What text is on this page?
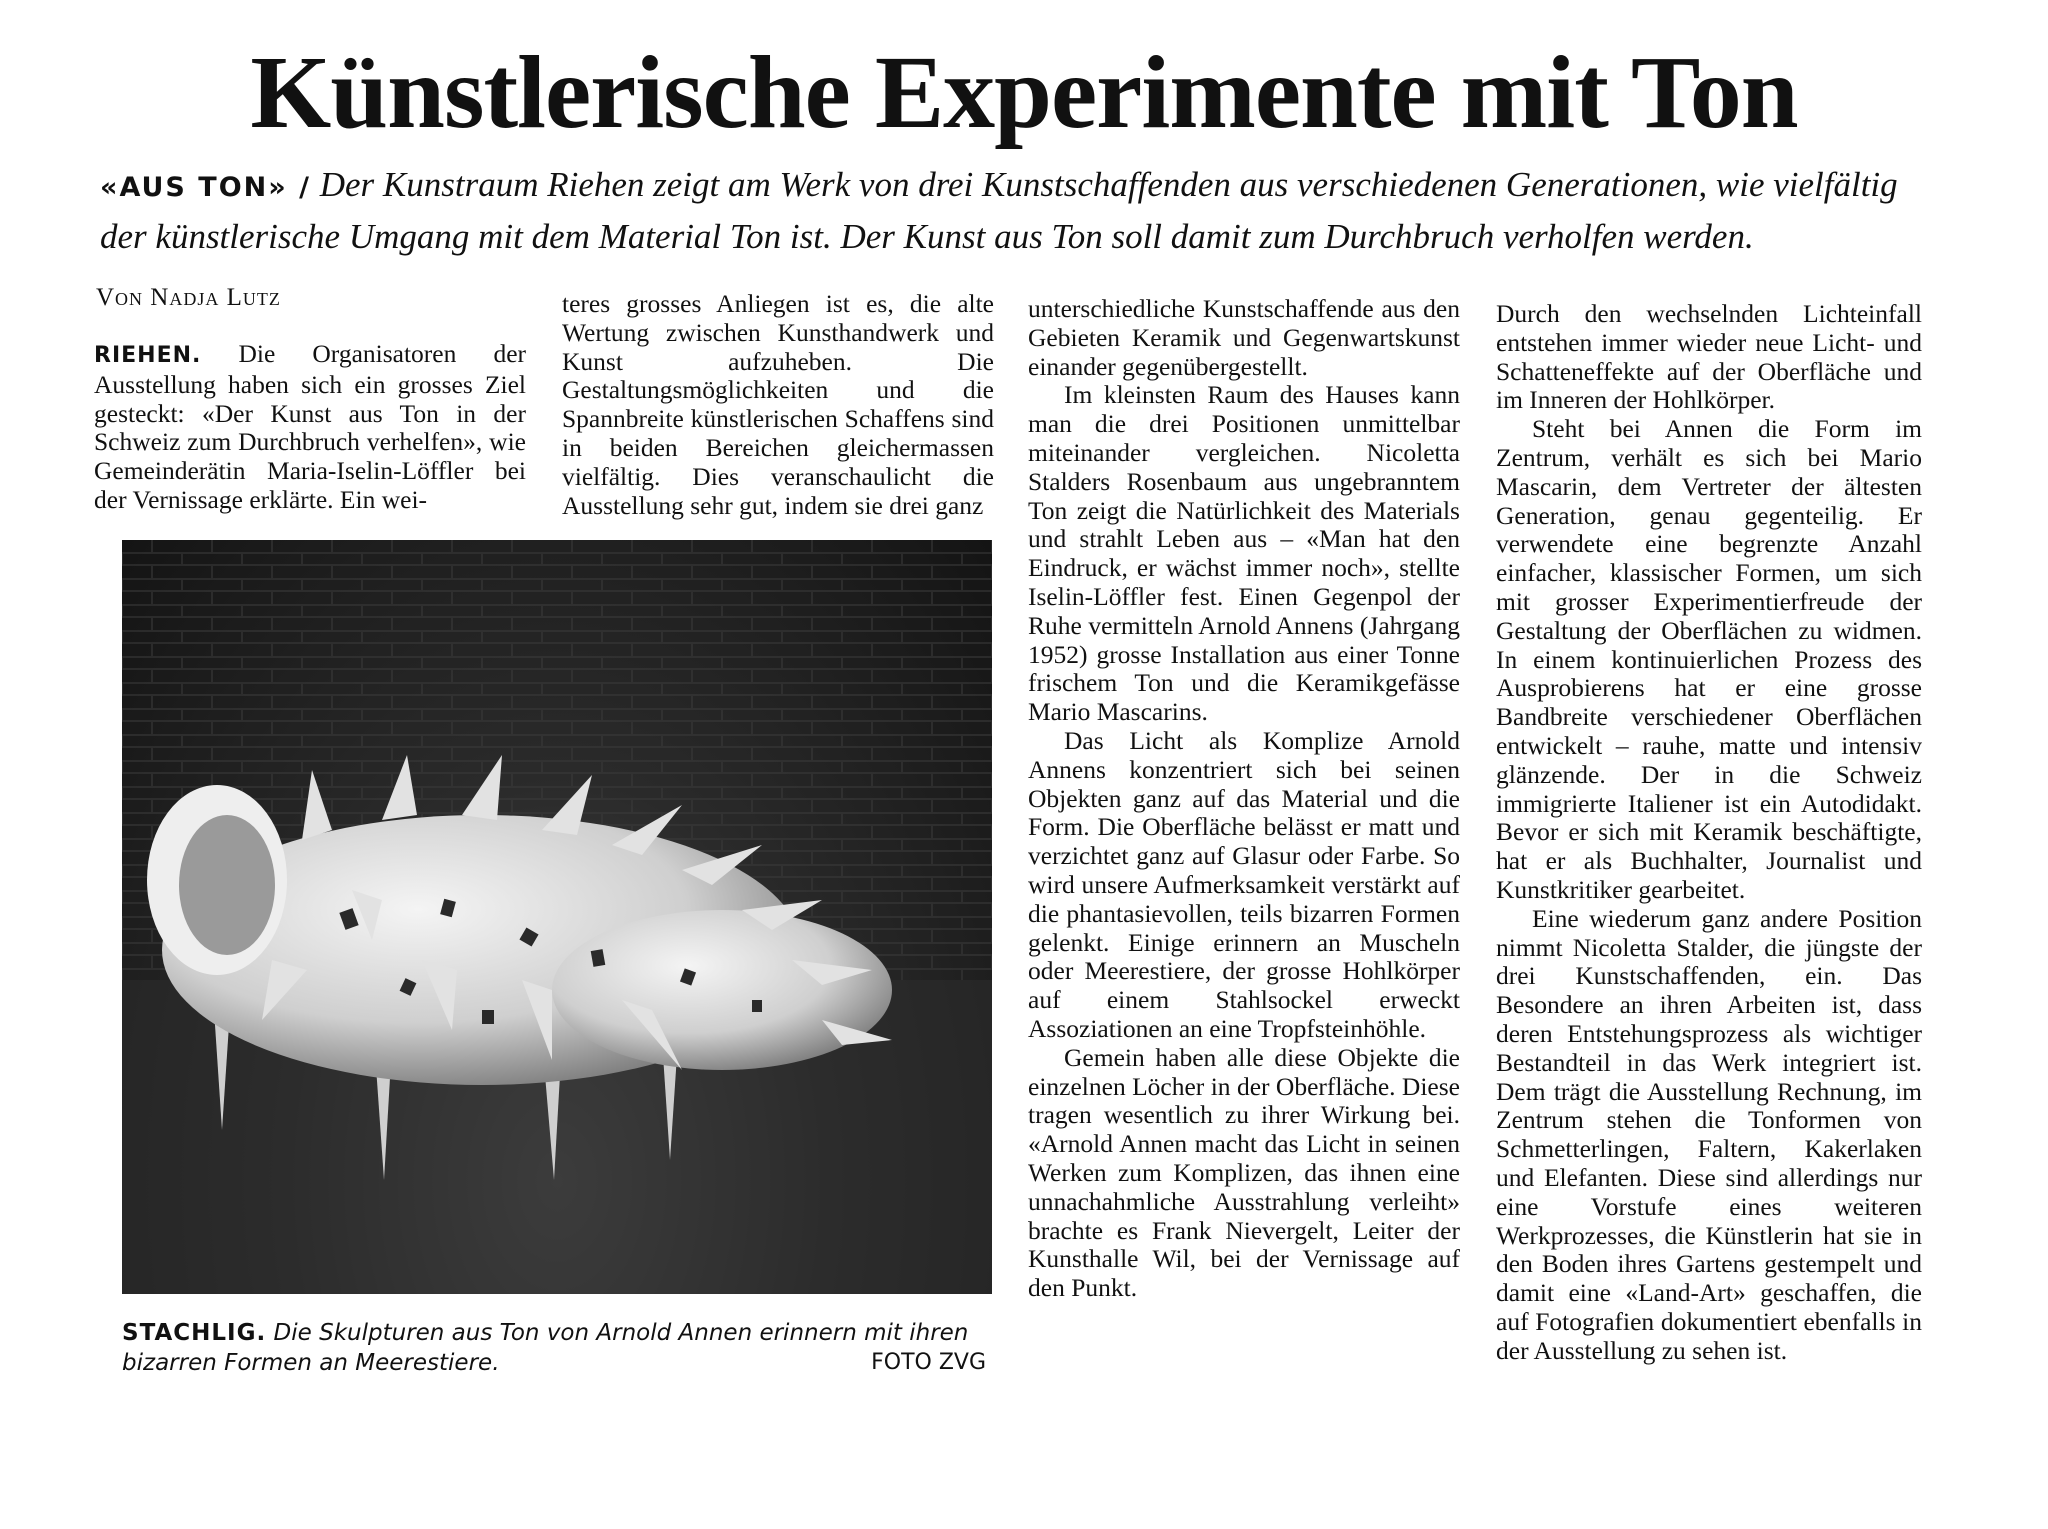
Künstlerische Experimente mit Ton

«AUS TON» / Der Kunstraum Riehen zeigt am Werk von drei Kunstschaffenden aus verschiedenen Generationen, wie vielfältig der künstlerische Umgang mit dem Material Ton ist. Der Kunst aus Ton soll damit zum Durchbruch verholfen werden.

Von Nadja Lutz

RIEHEN. Die Organisatoren der Ausstellung haben sich ein grosses Ziel gesteckt: «Der Kunst aus Ton in der Schweiz zum Durchbruch verhelfen», wie Gemeinderätin Maria-Iselin-Löffler bei der Vernissage erklärte. Ein wei-

teres grosses Anliegen ist es, die alte Wertung zwischen Kunsthandwerk und Kunst aufzuheben. Die Gestaltungsmöglichkeiten und die Spannbreite künstlerischen Schaffens sind in beiden Bereichen gleichermassen vielfältig. Dies veranschaulicht die Ausstellung sehr gut, indem sie drei ganz

unterschiedliche Kunstschaffende aus den Gebieten Keramik und Gegenwartskunst einander gegenübergestellt.

Im kleinsten Raum des Hauses kann man die drei Positionen unmittelbar miteinander vergleichen. Nicoletta Stalders Rosenbaum aus ungebranntem Ton zeigt die Natürlichkeit des Materials und strahlt Leben aus – «Man hat den Eindruck, er wächst immer noch», stellte Iselin-Löffler fest. Einen Gegenpol der Ruhe vermitteln Arnold Annens (Jahrgang 1952) grosse Installation aus einer Tonne frischem Ton und die Keramikgefässe Mario Mascarins.

Das Licht als Komplize Arnold Annens konzentriert sich bei seinen Objekten ganz auf das Material und die Form. Die Oberfläche belässt er matt und verzichtet ganz auf Glasur oder Farbe. So wird unsere Aufmerksamkeit verstärkt auf die phantasievollen, teils bizarren Formen gelenkt. Einige erinnern an Muscheln oder Meerestiere, der grosse Hohlkörper auf einem Stahlsockel erweckt Assoziationen an eine Tropfsteinhöhle.

Gemein haben alle diese Objekte die einzelnen Löcher in der Oberfläche. Diese tragen wesentlich zu ihrer Wirkung bei. «Arnold Annen macht das Licht in seinen Werken zum Komplizen, das ihnen eine unnachahmliche Ausstrahlung verleiht» brachte es Frank Nievergelt, Leiter der Kunsthalle Wil, bei der Vernissage auf den Punkt.

Durch den wechselnden Lichteinfall entstehen immer wieder neue Licht- und Schatteneffekte auf der Oberfläche und im Inneren der Hohlkörper.

Steht bei Annen die Form im Zentrum, verhält es sich bei Mario Mascarin, dem Vertreter der ältesten Generation, genau gegenteilig. Er verwendete eine begrenzte Anzahl einfacher, klassischer Formen, um sich mit grosser Experimentierfreude der Gestaltung der Oberflächen zu widmen. In einem kontinuierlichen Prozess des Ausprobierens hat er eine grosse Bandbreite verschiedener Oberflächen entwickelt – rauhe, matte und intensiv glänzende. Der in die Schweiz immigrierte Italiener ist ein Autodidakt. Bevor er sich mit Keramik beschäftigte, hat er als Buchhalter, Journalist und Kunstkritiker gearbeitet.

Eine wiederum ganz andere Position nimmt Nicoletta Stalder, die jüngste der drei Kunstschaffenden, ein. Das Besondere an ihren Arbeiten ist, dass deren Entstehungsprozess als wichtiger Bestandteil in das Werk integriert ist. Dem trägt die Ausstellung Rechnung, im Zentrum stehen die Tonformen von Schmetterlingen, Faltern, Kakerlaken und Elefanten. Diese sind allerdings nur eine Vorstufe eines weiteren Werkprozesses, die Künstlerin hat sie in den Boden ihres Gartens gestempelt und damit eine «Land-Art» geschaffen, die auf Fotografien dokumentiert ebenfalls in der Ausstellung zu sehen ist.

STACHLIG. Die Skulpturen aus Ton von Arnold Annen erinnern mit ihren bizarren Formen an Meerestiere.	FOTO ZVG
